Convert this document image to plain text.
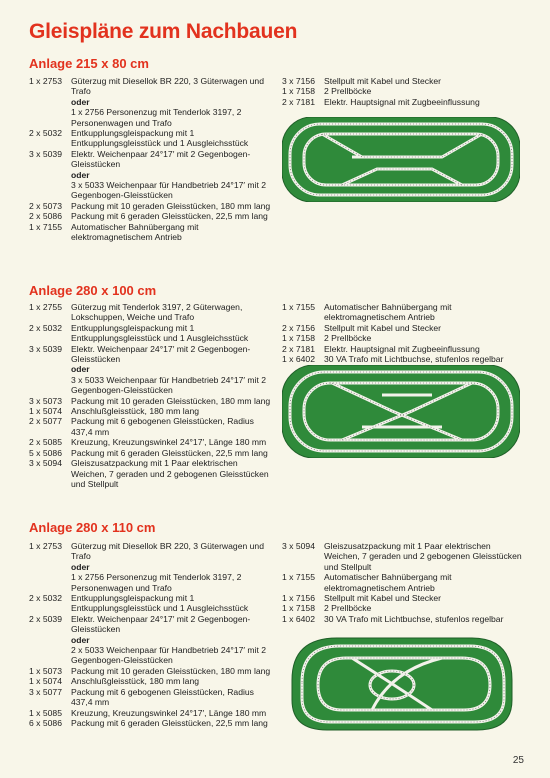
Gleispläne zum Nachbauen
Anlage 215 x 80 cm
1 x 2753	Güterzug mit Diesellok BR 220, 3 Güterwagen und Trafo
oder
1 x 2756 Personenzug mit Tenderlok 3197, 2 Personenwagen und Trafo
2 x 5032	Entkupplungsgleispackung mit 1 Entkupplungsgleisstück und 1 Ausgleichsstück
3 x 5039	Elektr. Weichenpaar 24°17′ mit 2 Gegenbogen-Gleisstücken
oder
3 x 5033 Weichenpaar für Handbetrieb 24°17′ mit 2 Gegenbogen-Gleisstücken
2 x 5073	Packung mit 10 geraden Gleisstücken, 180 mm lang
2 x 5086	Packung mit 6 geraden Gleisstücken, 22,5 mm lang
1 x 7155	Automatischer Bahnübergang mit elektromagnetischem Antrieb
3 x 7156	Stellpult mit Kabel und Stecker
1 x 7158	2 Prellböcke
2 x 7181	Elektr. Hauptsignal mit Zugbeeinflussung
Anlage 280 x 100 cm
1 x 2755	Güterzug mit Tenderlok 3197, 2 Güterwagen, Lokschuppen, Weiche und Trafo
2 x 5032	Entkupplungsgleispackung mit 1 Entkupplungsgleisstück und 1 Ausgleichsstück
3 x 5039	Elektr. Weichenpaar 24°17′ mit 2 Gegenbogen-Gleisstücken
oder
3 x 5033 Weichenpaar für Handbetrieb 24°17′ mit 2 Gegenbogen-Gleisstücken
3 x 5073	Packung mit 10 geraden Gleisstücken, 180 mm lang
1 x 5074	Anschlußgleisstück, 180 mm lang
2 x 5077	Packung mit 6 gebogenen Gleisstücken, Radius 437,4 mm
2 x 5085	Kreuzung, Kreuzungswinkel 24°17′, Länge 180 mm
5 x 5086	Packung mit 6 geraden Gleisstücken, 22,5 mm lang
3 x 5094	Gleiszusatzpackung mit 1 Paar elektrischen Weichen, 7 geraden und 2 gebogenen Gleisstücken und Stellpult
1 x 7155	Automatischer Bahnübergang mit elektromagnetischem Antrieb
2 x 7156	Stellpult mit Kabel und Stecker
1 x 7158	2 Prellböcke
2 x 7181	Elektr. Hauptsignal mit Zugbeeinflussung
1 x 6402	30 VA Trafo mit Lichtbuchse, stufenlos regelbar
Anlage 280 x 110 cm
1 x 2753	Güterzug mit Diesellok BR 220, 3 Güterwagen und Trafo
oder
1 x 2756 Personenzug mit Tenderlok 3197, 2 Personenwagen und Trafo
2 x 5032	Entkupplungsgleispackung mit 1 Entkupplungsgleisstück und 1 Ausgleichsstück
2 x 5039	Elektr. Weichenpaar 24°17′ mit 2 Gegenbogen-Gleisstücken
oder
2 x 5033 Weichenpaar für Handbetrieb 24°17′ mit 2 Gegenbogen-Gleisstücken
1 x 5073	Packung mit 10 geraden Gleisstücken, 180 mm lang
1 x 5074	Anschlußgleisstück, 180 mm lang
3 x 5077	Packung mit 6 gebogenen Gleisstücken, Radius 437,4 mm
1 x 5085	Kreuzung, Kreuzungswinkel 24°17′, Länge 180 mm
6 x 5086	Packung mit 6 geraden Gleisstücken, 22,5 mm lang
3 x 5094	Gleiszusatzpackung mit 1 Paar elektrischen Weichen, 7 geraden und 2 gebogenen Gleisstücken und Stellpult
1 x 7155	Automatischer Bahnübergang mit elektromagnetischem Antrieb
1 x 7156	Stellpult mit Kabel und Stecker
1 x 7158	2 Prellböcke
1 x 6402	30 VA Trafo mit Lichtbuchse, stufenlos regelbar
25
